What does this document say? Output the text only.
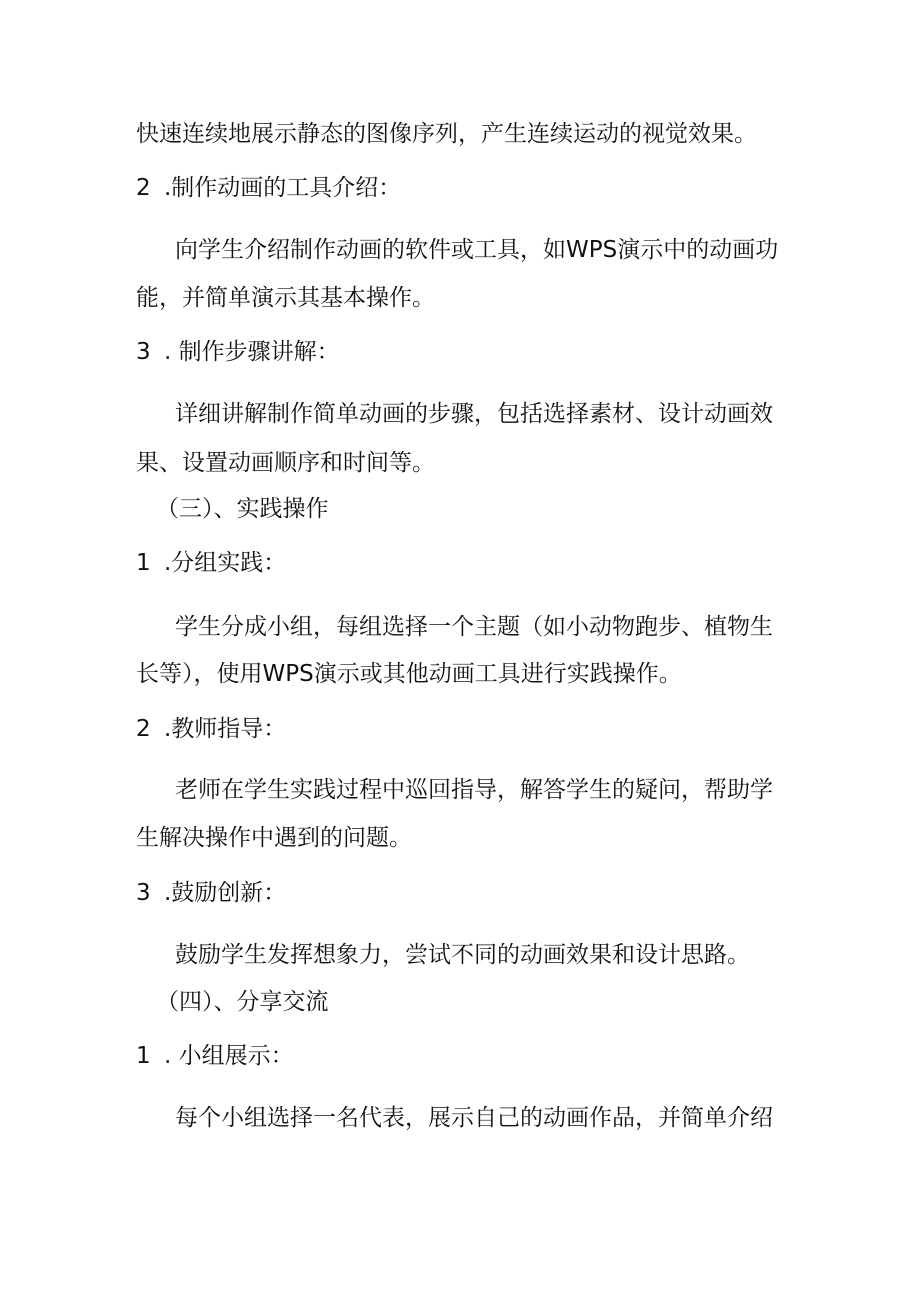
快速连续地展示静态的图像序列，产生连续运动的视觉效果。
2 .制作动画的工具介绍：
向学生介绍制作动画的软件或工具，如WPS演示中的动画功
能，并简单演示其基本操作。
3 . 制作步骤讲解：
详细讲解制作简单动画的步骤，包括选择素材、设计动画效
果、设置动画顺序和时间等。
（三）、实践操作
1 .分组实践：
学生分成小组，每组选择一个主题（如小动物跑步、植物生
长等），使用WPS演示或其他动画工具进行实践操作。
2 .教师指导：
老师在学生实践过程中巡回指导，解答学生的疑问，帮助学
生解决操作中遇到的问题。
3 .鼓励创新：
鼓励学生发挥想象力，尝试不同的动画效果和设计思路。
（四）、分享交流
1 . 小组展示：
每个小组选择一名代表，展示自己的动画作品，并简单介绍
